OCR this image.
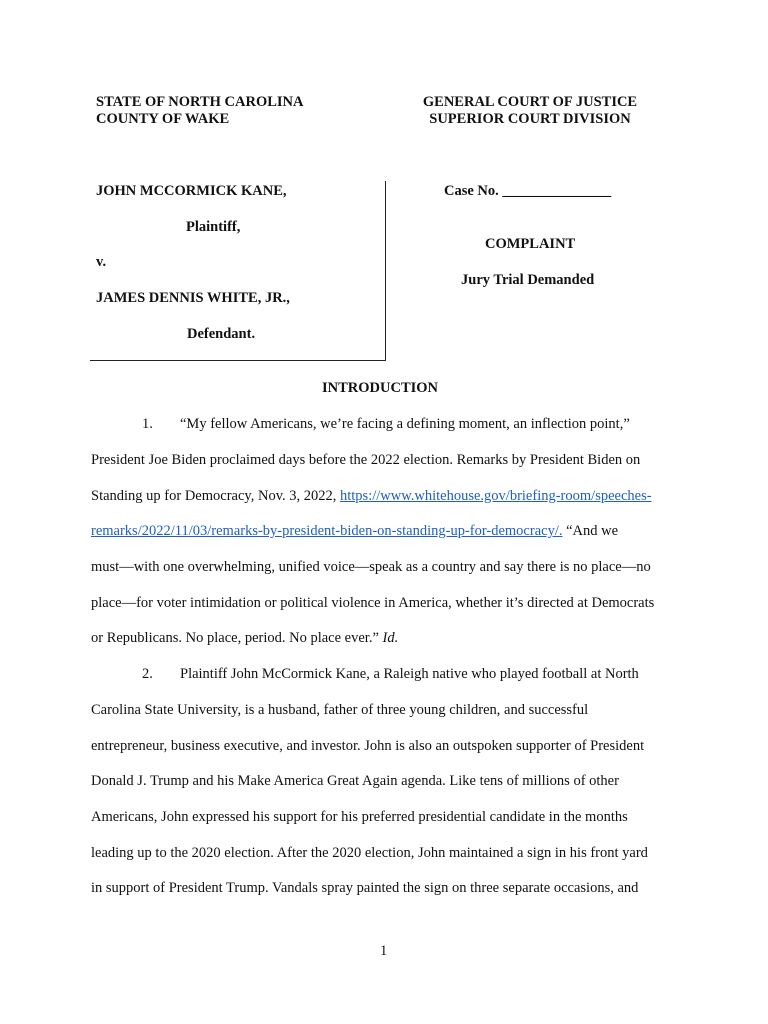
STATE OF NORTH CAROLINA
COUNTY OF WAKE
GENERAL COURT OF JUSTICE
SUPERIOR COURT DIVISION
JOHN MCCORMICK KANE,
Plaintiff,
v.
JAMES DENNIS WHITE, JR.,
Defendant.
Case No. _______________
COMPLAINT
Jury Trial Demanded
INTRODUCTION
1. “My fellow Americans, we’re facing a defining moment, an inflection point,”
President Joe Biden proclaimed days before the 2022 election. Remarks by President Biden on
Standing up for Democracy, Nov. 3, 2022, https://www.whitehouse.gov/briefing-room/speeches-
remarks/2022/11/03/remarks-by-president-biden-on-standing-up-for-democracy/. “And we
must—with one overwhelming, unified voice—speak as a country and say there is no place—no
place—for voter intimidation or political violence in America, whether it’s directed at Democrats
or Republicans. No place, period. No place ever.” Id.
2. Plaintiff John McCormick Kane, a Raleigh native who played football at North
Carolina State University, is a husband, father of three young children, and successful
entrepreneur, business executive, and investor. John is also an outspoken supporter of President
Donald J. Trump and his Make America Great Again agenda. Like tens of millions of other
Americans, John expressed his support for his preferred presidential candidate in the months
leading up to the 2020 election. After the 2020 election, John maintained a sign in his front yard
in support of President Trump. Vandals spray painted the sign on three separate occasions, and
1
